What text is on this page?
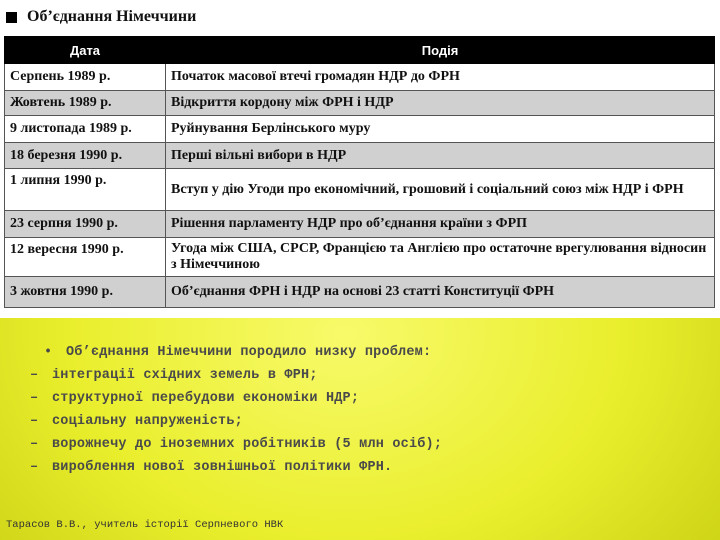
Об’єднання Німеччини
Дата	Подія
Серпень 1989 р.	Початок масової втечі громадян НДР до ФРН
Жовтень 1989 р.	Відкриття кордону між ФРН і НДР
9 листопада 1989 р.	Руйнування Берлінського муру
18 березня 1990 р.	Перші вільні вибори в НДР
1 липня 1990 р.	Вступ у дію Угоди про економічний, грошовий і соціальний союз між НДР і ФРН
23 серпня 1990 р.	Рішення парламенту НДР про об’єднання країни з ФРП
12 вересня 1990 р.	Угода між США, СРСР, Францією та Англією про остаточне врегулювання відносин з Німеччиною
3 жовтня 1990 р.	Об’єднання ФРН і НДР на основі 23 статті Конституції ФРН
• Об’єднання Німеччини породило низку проблем:
– інтеграції східних земель в ФРН;
– структурної перебудови економіки НДР;
– соціальну напруженість;
– ворожнечу до іноземних робітників (5 млн осіб);
– вироблення нової зовнішньої політики ФРН.
Тарасов В.В., учитель історії Серпневого НВК
